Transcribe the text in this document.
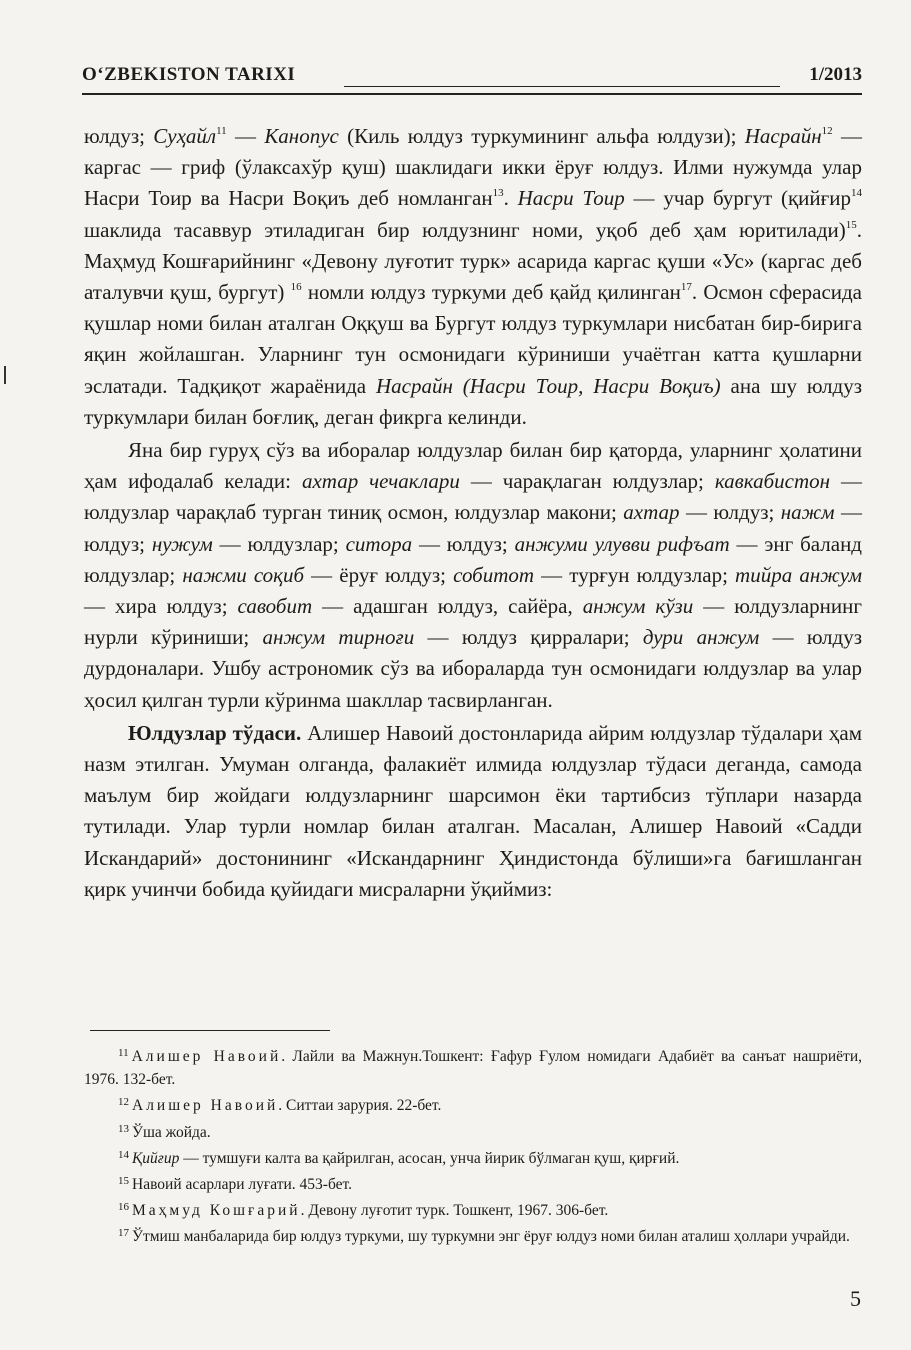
O‘ZBEKISTON TARIXI	1/2013

юлдуз; Суҳайл$^{11}$ — Канопус (Киль юлдуз туркумининг альфа юлдузи); Насрайн$^{12}$ — каргас — гриф (ўлаксахўр қуш) шаклидаги икки ёруғ юлдуз. Илми нужумда улар Насри Тоир ва Насри Воқиъ деб номланган$^{13}$. Насри Тоир — учар бургут (қийғир$^{14}$ шаклида тасаввур этиладиган бир юлдузнинг номи, уқоб деб ҳам юритилади)$^{15}$. Маҳмуд Кошғарийнинг «Девону луғотит турк» асарида каргас қуши «Ус» (каргас деб аталувчи қуш, бургут) $^{16}$ номли юлдуз туркуми деб қайд қилинган$^{17}$. Осмон сферасида қушлар номи билан аталган Оққуш ва Бургут юлдуз туркумлари нисбатан бир-бирига яқин жойлашган. Уларнинг тун осмонидаги кўриниши учаётган катта қушларни эслатади. Тадқиқот жараёнида Насрайн (Насри Тоир, Насри Воқиъ) ана шу юлдуз туркумлари билан боғлиқ, деган фикрга келинди.

Яна бир гуруҳ сўз ва иборалар юлдузлар билан бир қаторда, уларнинг ҳолатини ҳам ифодалаб келади: ахтар чечаклари — чарақлаган юлдузлар; кавкабистон — юлдузлар чарақлаб турган тиниқ осмон, юлдузлар макони; ахтар — юлдуз; нажм — юлдуз; нужум — юлдузлар; ситора — юлдуз; анжуми улувви рифъат — энг баланд юлдузлар; нажми соқиб — ёруғ юлдуз; собитот — турғун юлдузлар; тийра анжум — хира юлдуз; савобит — адашган юлдуз, сайёра, анжум кўзи — юлдузларнинг нурли кўриниши; анжум тирноғи — юлдуз қирралари; дури анжум — юлдуз дурдоналари. Ушбу астрономик сўз ва ибораларда тун осмонидаги юлдузлар ва улар ҳосил қилган турли кўринма шакллар тасвирланган.

Юлдузлар тўдаси. Алишер Навоий достонларида айрим юлдузлар тўдалари ҳам назм этилган. Умуман олганда, фалакиёт илмида юлдузлар тўдаси деганда, самода маълум бир жойдаги юлдузларнинг шарсимон ёки тартибсиз тўплари назарда тутилади. Улар турли номлар билан аталган. Масалан, Алишер Навоий «Садди Искандарий» достонининг «Искандарнинг Ҳиндистонда бўлиши»га бағишланган қирк учинчи бобида қуйидаги мисраларни ўқиймиз:

$^{11}$ Алишер Навоий. Лайли ва Мажнун.Тошкент: Ғафур Ғулом номидаги Адабиёт ва санъат нашриёти, 1976. 132-бет.

$^{12}$ Алишер Навоий. Ситтаи зарурия. 22-бет.

$^{13}$ Ўша жойда.

$^{14}$ Қийғир — тумшуғи калта ва қайрилган, асосан, унча йирик бўлмаган қуш, қирғий.

$^{15}$ Навоий асарлари луғати. 453-бет.

$^{16}$ Маҳмуд Кошғарий. Девону луғотит турк. Тошкент, 1967. 306-бет.

$^{17}$ Ўтмиш манбаларида бир юлдуз туркуми, шу туркумни энг ёруғ юлдуз номи билан аталиш ҳоллари учрайди.

5
